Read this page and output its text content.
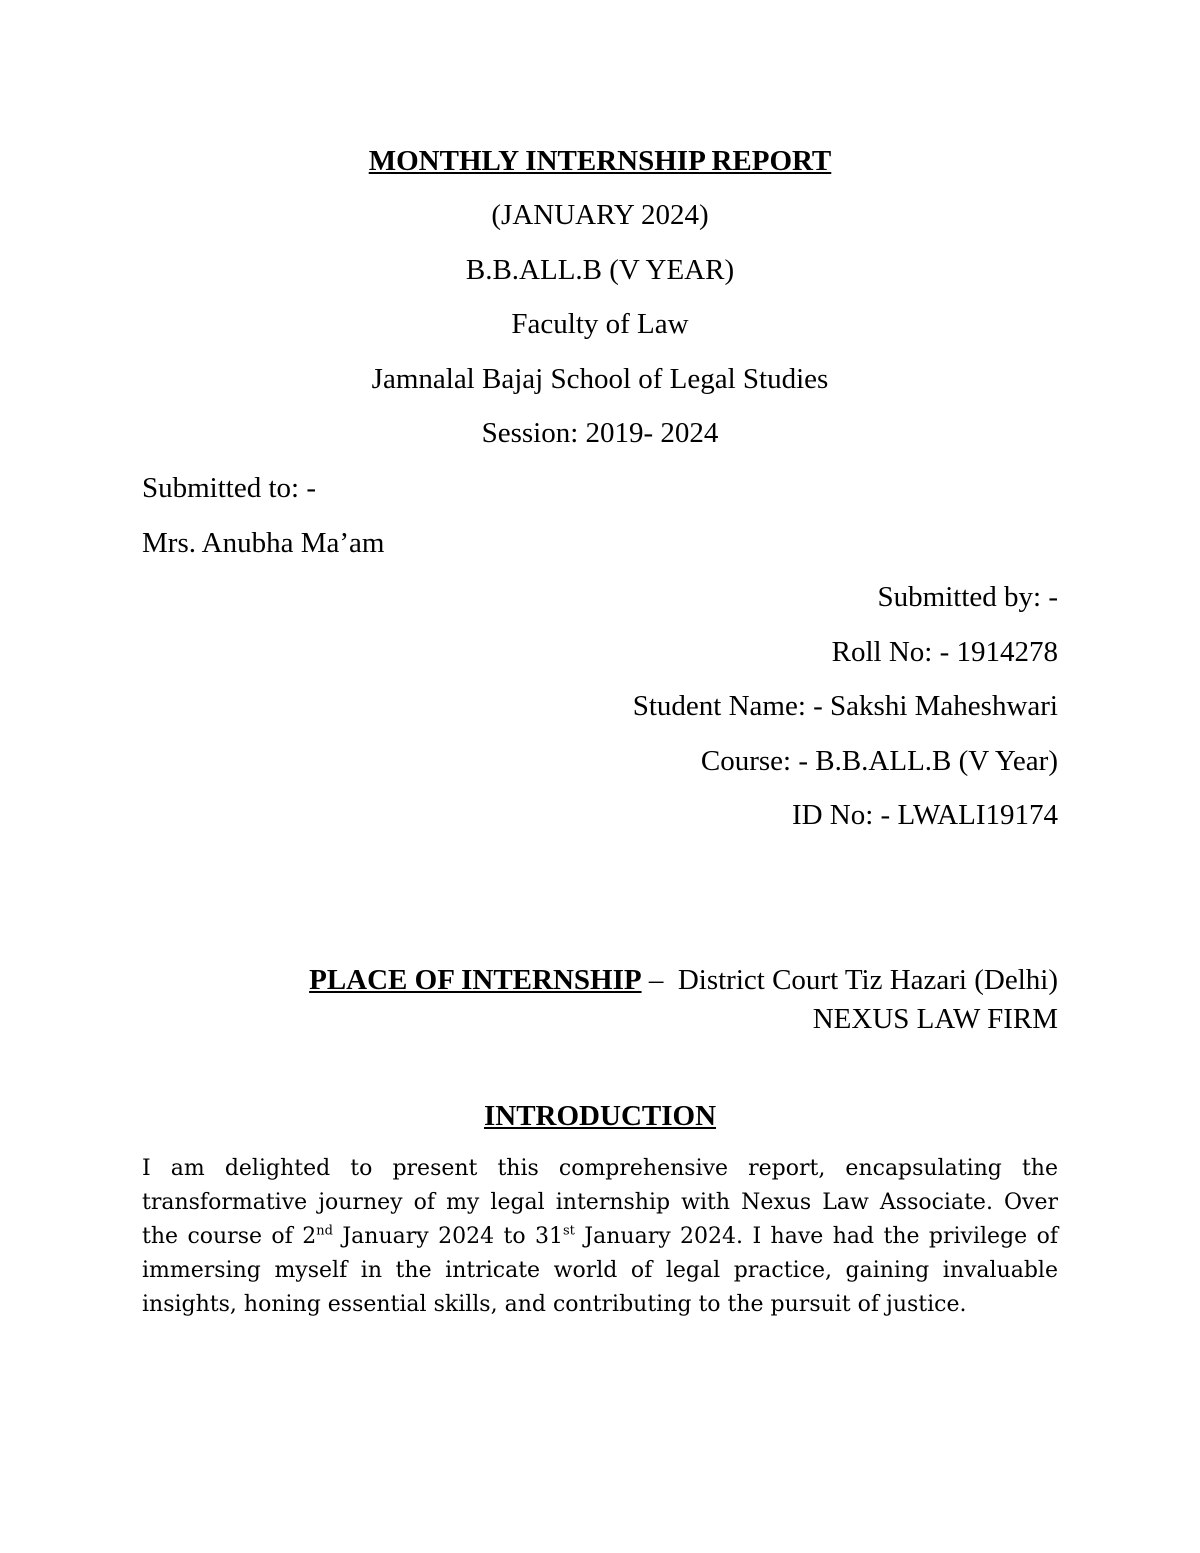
MONTHLY INTERNSHIP REPORT
(JANUARY 2024)
B.B.ALL.B (V YEAR)
Faculty of Law
Jamnalal Bajaj School of Legal Studies
Session: 2019- 2024
Submitted to: -
Mrs. Anubha Ma’am
Submitted by: -
Roll No: - 1914278
Student Name: - Sakshi Maheshwari
Course: - B.B.ALL.B (V Year)
ID No: - LWALI19174
PLACE OF INTERNSHIP –  District Court Tiz Hazari (Delhi)
NEXUS LAW FIRM
INTRODUCTION
I am delighted to present this comprehensive report, encapsulating the transformative journey of my legal internship with Nexus Law Associate. Over the course of 2nd January 2024 to 31st January 2024. I have had the privilege of immersing myself in the intricate world of legal practice, gaining invaluable insights, honing essential skills, and contributing to the pursuit of justice.
